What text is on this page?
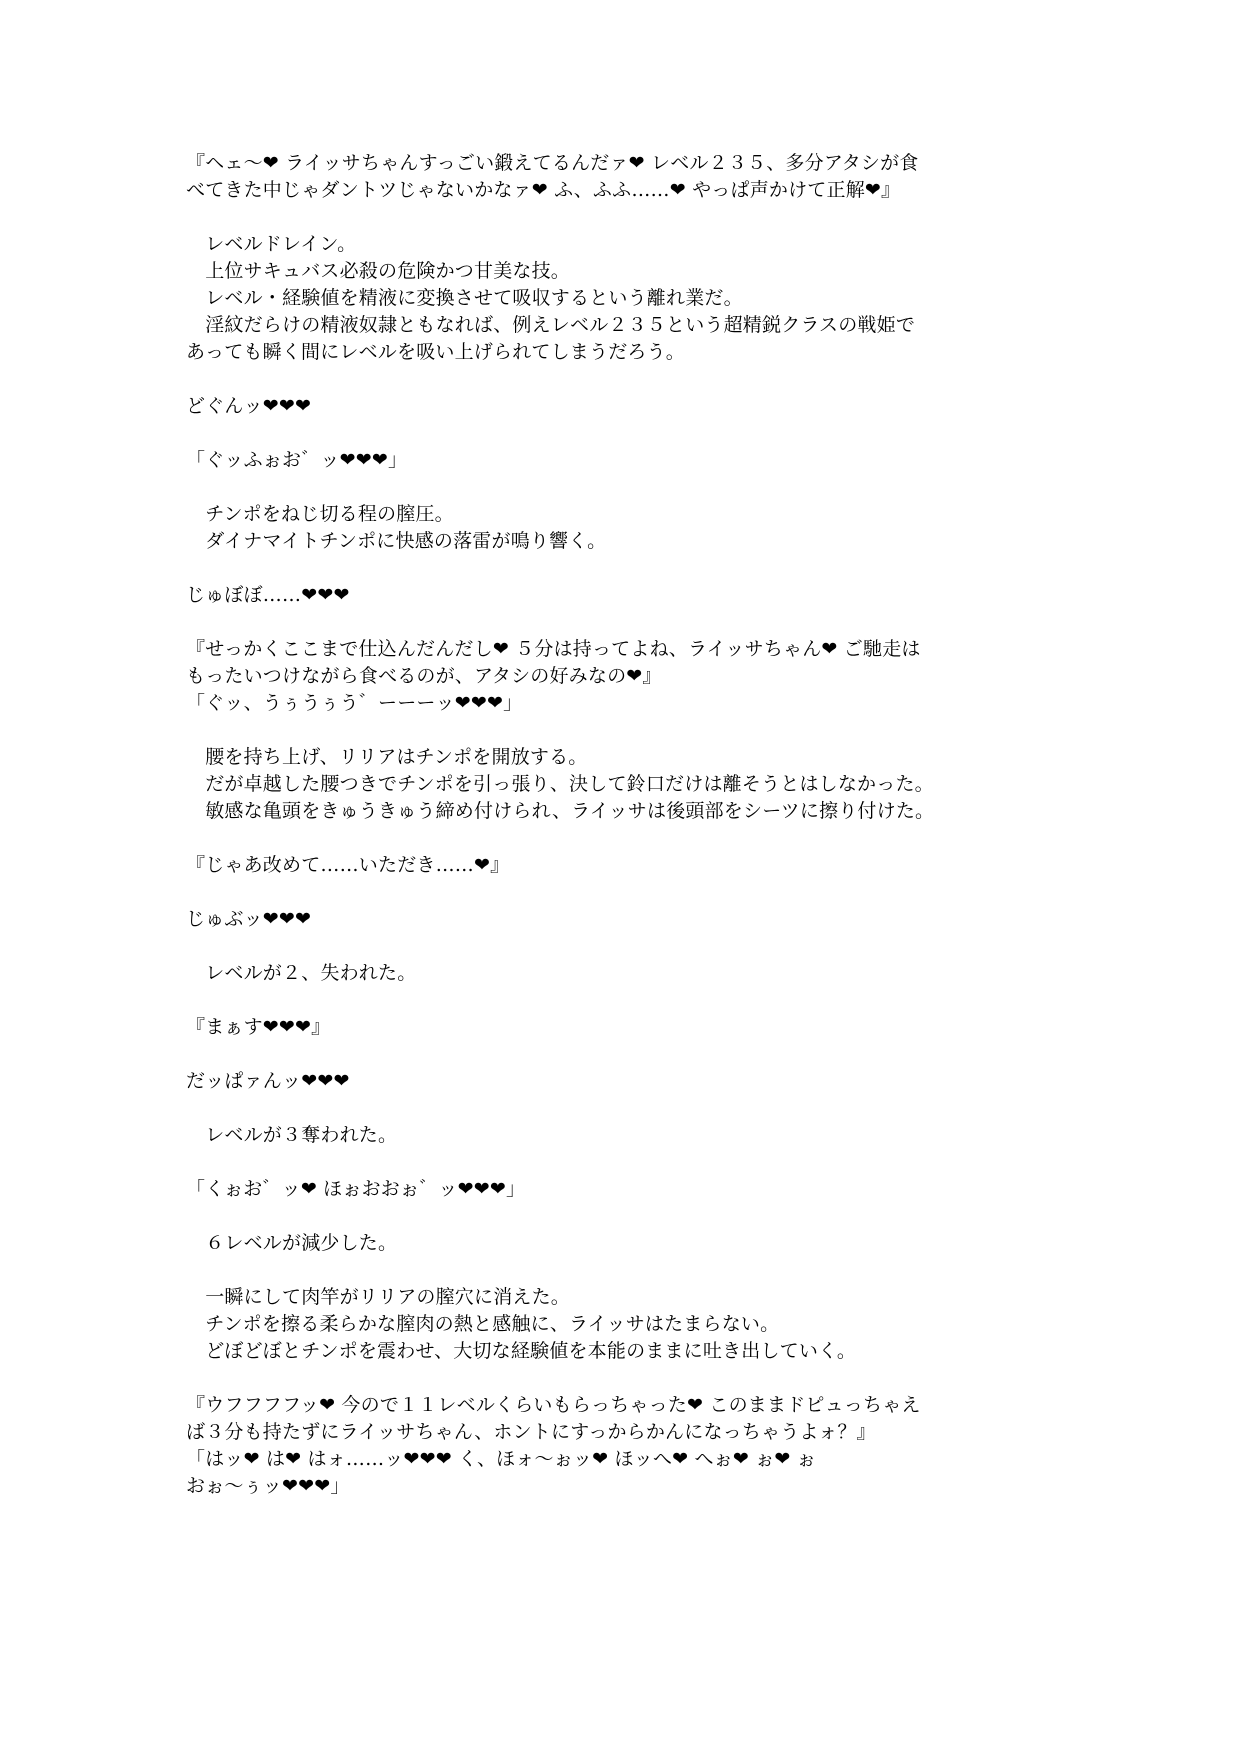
『ヘェ〜❤ ライッサちゃんすっごい鍛えてるんだァ❤ レベル２３５、多分アタシが食
べてきた中じゃダントツじゃないかなァ❤ ふ、ふふ……❤ やっぱ声かけて正解❤』
　レベルドレイン。
　上位サキュバス必殺の危険かつ甘美な技。
　レベル・経験値を精液に変換させて吸収するという離れ業だ。
　淫紋だらけの精液奴隷ともなれば、例えレベル２３５という超精鋭クラスの戦姫で
あっても瞬く間にレベルを吸い上げられてしまうだろう。
どぐんッ❤❤❤
「ぐッふぉお゛ッ❤❤❤」
　チンポをねじ切る程の膣圧。
　ダイナマイトチンポに快感の落雷が鳴り響く。
じゅぼぼ……❤❤❤
『せっかくここまで仕込んだんだし❤ ５分は持ってよね、ライッサちゃん❤ ご馳走は
もったいつけながら食べるのが、アタシの好みなの❤』
「ぐッ、うぅうぅう゛ーーーッ❤❤❤」
　腰を持ち上げ、リリアはチンポを開放する。
　だが卓越した腰つきでチンポを引っ張り、決して鈴口だけは離そうとはしなかった。
　敏感な亀頭をきゅうきゅう締め付けられ、ライッサは後頭部をシーツに擦り付けた。
『じゃあ改めて……いただき……❤』
じゅぶッ❤❤❤
　レベルが２、失われた。
『まぁす❤❤❤』
だッぱァんッ❤❤❤
　レベルが３奪われた。
「くぉお゛ッ❤ ほぉおおぉ゛ッ❤❤❤」
　６レベルが減少した。
　一瞬にして肉竿がリリアの膣穴に消えた。
　チンポを擦る柔らかな膣肉の熱と感触に、ライッサはたまらない。
　どぼどぼとチンポを震わせ、大切な経験値を本能のままに吐き出していく。
『ウフフフフッ❤ 今ので１１レベルくらいもらっちゃった❤ このままドピュっちゃえ
ば３分も持たずにライッサちゃん、ホントにすっからかんになっちゃうよォ？』
「はッ❤ は❤ はォ……ッ❤❤❤ く、ほォ〜ぉッ❤ ほッへ❤ へぉ❤ ぉ❤ ぉ
おぉ〜ぅッ❤❤❤」
